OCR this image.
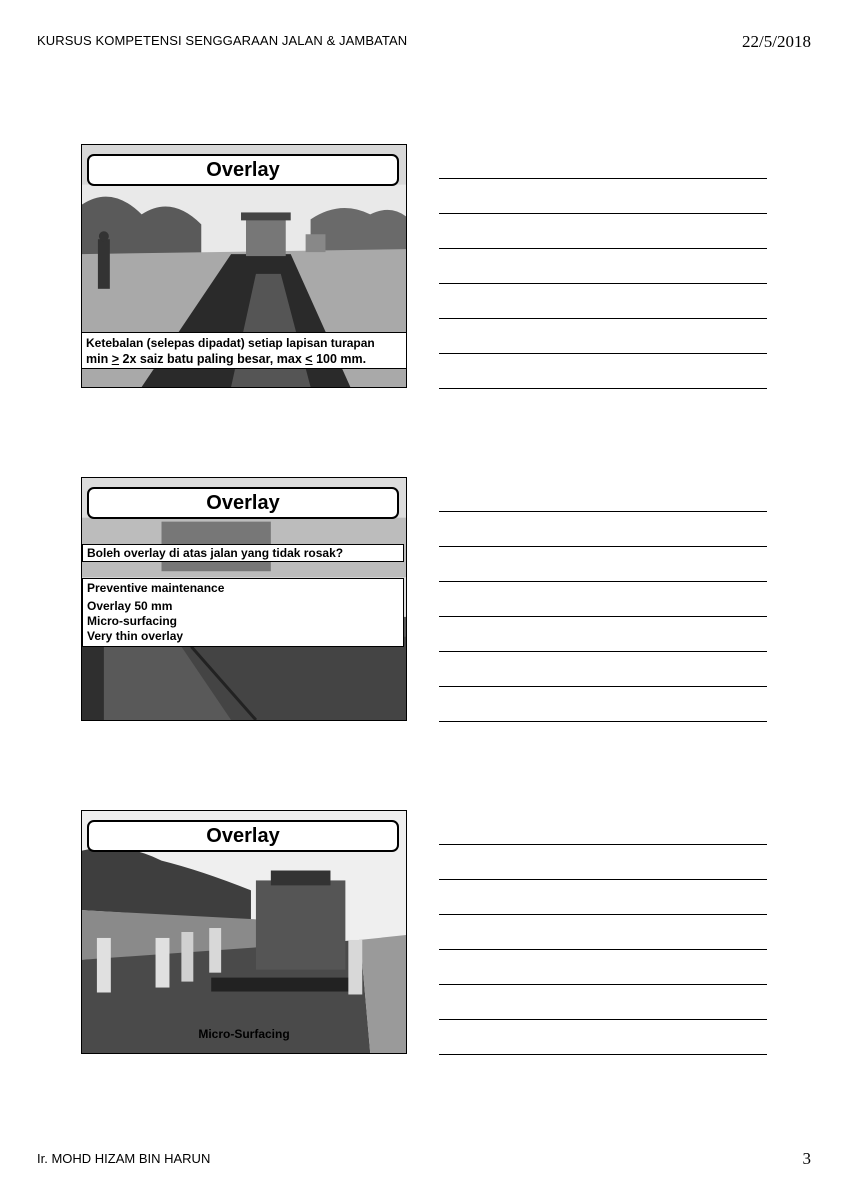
KURSUS KOMPETENSI SENGGARAAN JALAN & JAMBATAN	22/5/2018
Overlay
Ketebalan (selepas dipadat) setiap lapisan turapan
min > 2x saiz batu paling besar, max < 100 mm.
Overlay
Boleh overlay di atas jalan yang tidak rosak?
Preventive maintenance
Overlay 50 mm
Micro-surfacing
Very thin overlay
Overlay
Micro-Surfacing
Ir. MOHD HIZAM BIN HARUN	3
